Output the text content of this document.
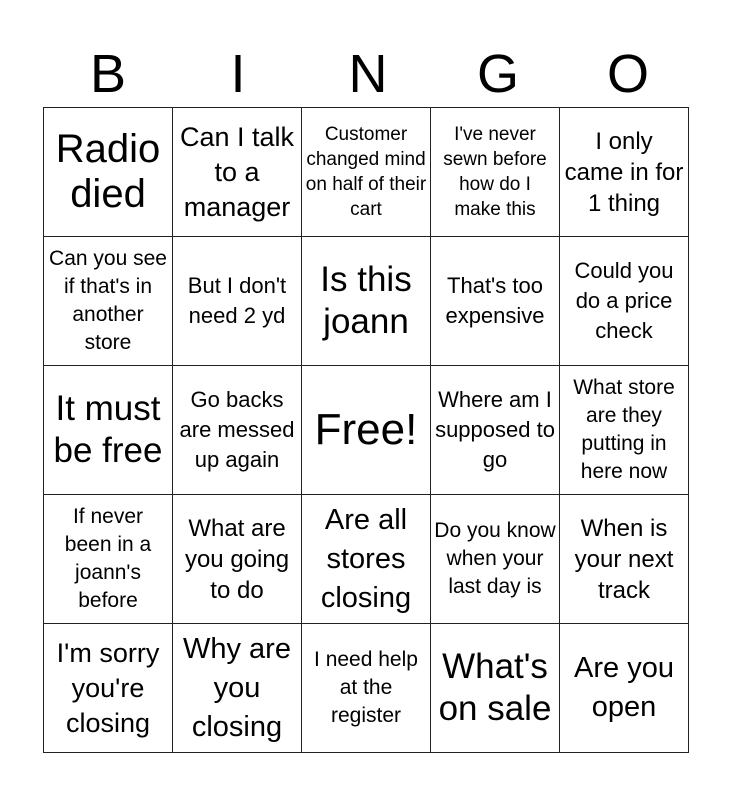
B	I	N	G	O
Radio died	Can I talk to a manager	Customer changed mind on half of their cart	I've never sewn before how do I make this	I only came in for 1 thing

Can you see if that's in another store	But I don't need 2 yd	Is this joann	That's too expensive	Could you do a price check

It must be free	Go backs are messed up again	Free!	Where am I supposed to go	What store are they putting in here now

If never been in a joann's before	What are you going to do	Are all stores closing	Do you know when your last day is	When is your next track

I'm sorry you're closing	Why are you closing	I need help at the register	What's on sale	Are you open
